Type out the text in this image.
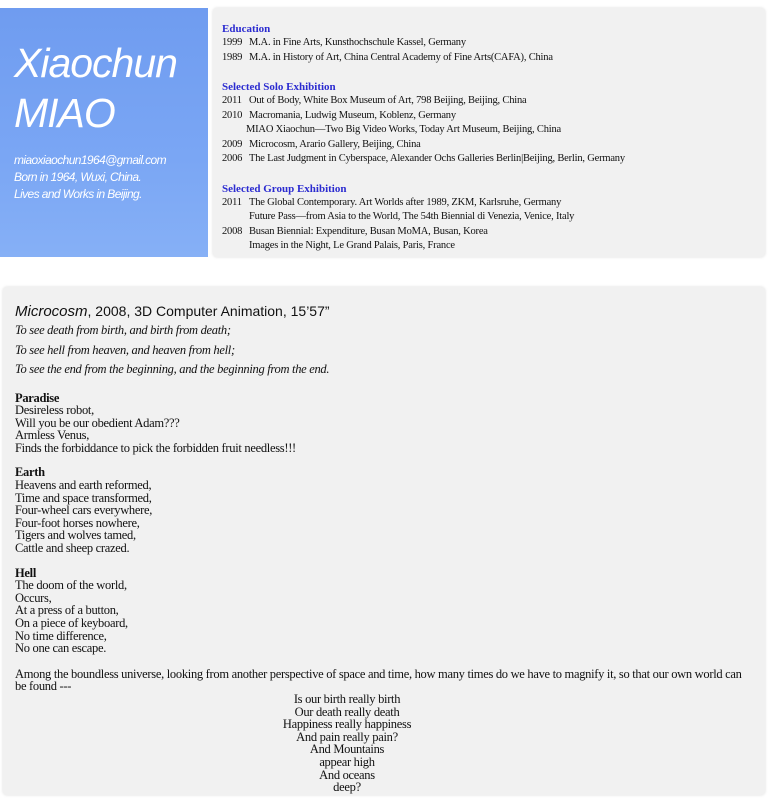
Xiaochun
MIAO
miaoxiaochun1964@gmail.com
Born in 1964, Wuxi, China.
Lives and Works in Beijing.
Education
1999 M.A. in Fine Arts, Kunsthochschule Kassel, Germany
1989 M.A. in History of Art, China Central Academy of Fine Arts(CAFA), China
Selected Solo Exhibition
2011 Out of Body, White Box Museum of Art, 798 Beijing, Beijing, China
2010 Macromania, Ludwig Museum, Koblenz, Germany
MIAO Xiaochun—Two Big Video Works, Today Art Museum, Beijing, China
2009 Microcosm, Arario Gallery, Beijing, China
2006 The Last Judgment in Cyberspace, Alexander Ochs Galleries Berlin|Beijing, Berlin, Germany
Selected Group Exhibition
2011 The Global Contemporary. Art Worlds after 1989, ZKM, Karlsruhe, Germany
Future Pass—from Asia to the World, The 54th Biennial di Venezia, Venice, Italy
2008 Busan Biennial: Expenditure, Busan MoMA, Busan, Korea
Images in the Night, Le Grand Palais, Paris, France
Microcosm, 2008, 3D Computer Animation, 15’57”
To see death from birth, and birth from death;
To see hell from heaven, and heaven from hell;
To see the end from the beginning, and the beginning from the end.
Paradise
Desireless robot,
Will you be our obedient Adam???
Armless Venus,
Finds the forbiddance to pick the forbidden fruit needless!!!
Earth
Heavens and earth reformed,
Time and space transformed,
Four-wheel cars everywhere,
Four-foot horses nowhere,
Tigers and wolves tamed,
Cattle and sheep crazed.
Hell
The doom of the world,
Occurs,
At a press of a button,
On a piece of keyboard,
No time difference,
No one can escape.
Among the boundless universe, looking from another perspective of space and time, how many times do we have to magnify it, so that our own world can be found ---
Is our birth really birth
Our death really death
Happiness really happiness
And pain really pain?
And Mountains
appear high
And oceans
deep?
